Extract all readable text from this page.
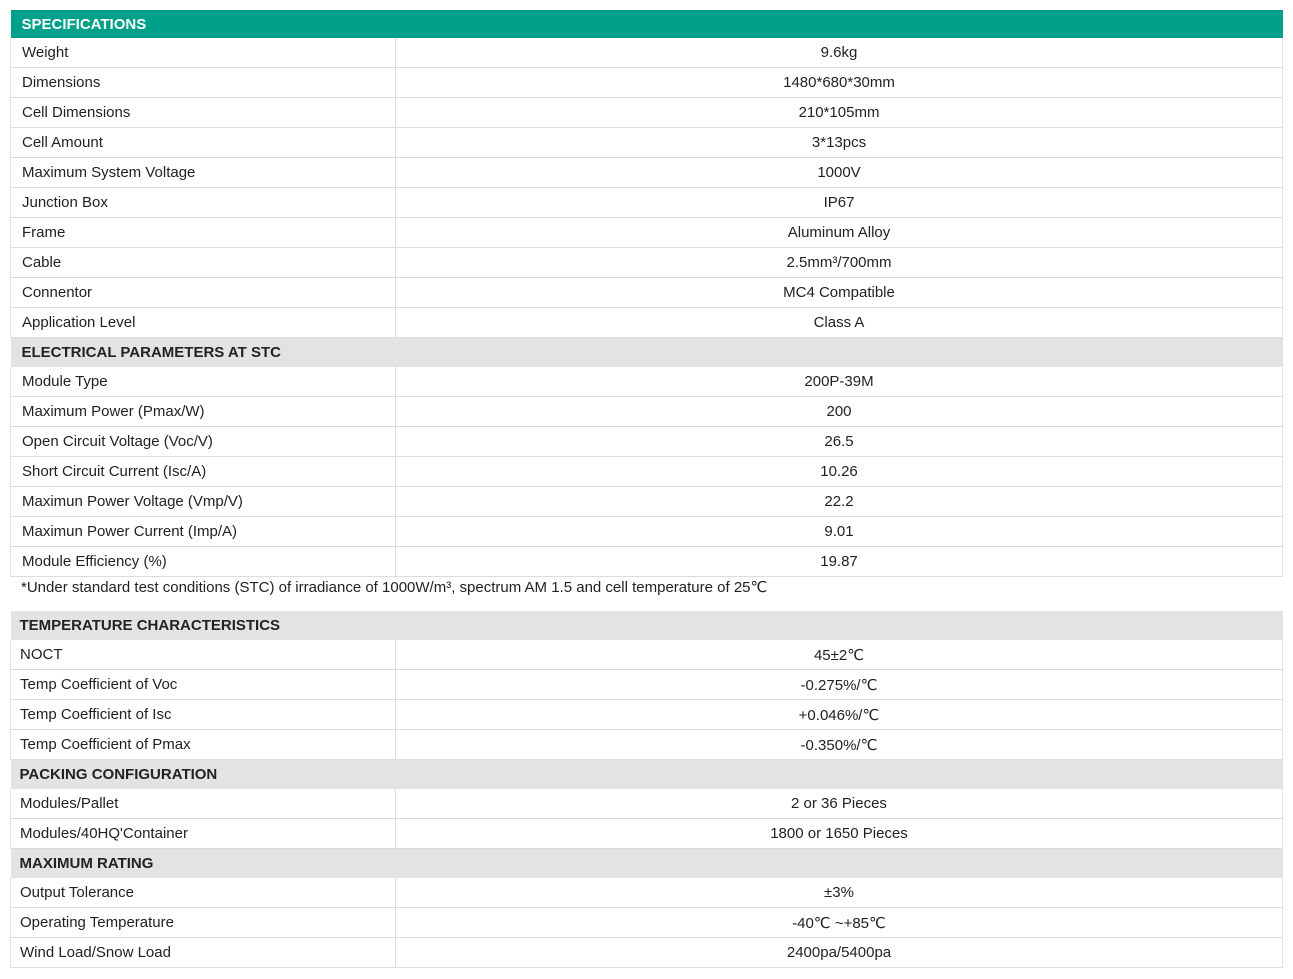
SPECIFICATIONS	
Weight	9.6kg
Dimensions	1480*680*30mm
Cell Dimensions	210*105mm
Cell Amount	3*13pcs
Maximum System Voltage	1000V
Junction Box	IP67
Frame	Aluminum Alloy
Cable	2.5mm³/700mm
Connentor	MC4 Compatible
Application Level	Class A
ELECTRICAL PARAMETERS AT STC	
Module Type	200P-39M
Maximum Power (Pmax/W)	200
Open Circuit Voltage (Voc/V)	26.5
Short Circuit Current (Isc/A)	10.26
Maximun Power Voltage (Vmp/V)	22.2
Maximun Power Current (Imp/A)	9.01
Module Efficiency (%)	19.87
*Under standard test conditions (STC) of irradiance of 1000W/m³, spectrum AM 1.5 and cell temperature of 25℃
TEMPERATURE CHARACTERISTICS	
NOCT	45±2℃
Temp Coefficient of Voc	-0.275%/℃
Temp Coefficient of Isc	+0.046%/℃
Temp Coefficient of Pmax	-0.350%/℃
PACKING CONFIGURATION	
Modules/Pallet	2 or 36 Pieces
Modules/40HQ'Container	1800 or 1650 Pieces
MAXIMUM RATING	
Output Tolerance	±3%
Operating Temperature	-40℃ ~+85℃
Wind Load/Snow Load	2400pa/5400pa
